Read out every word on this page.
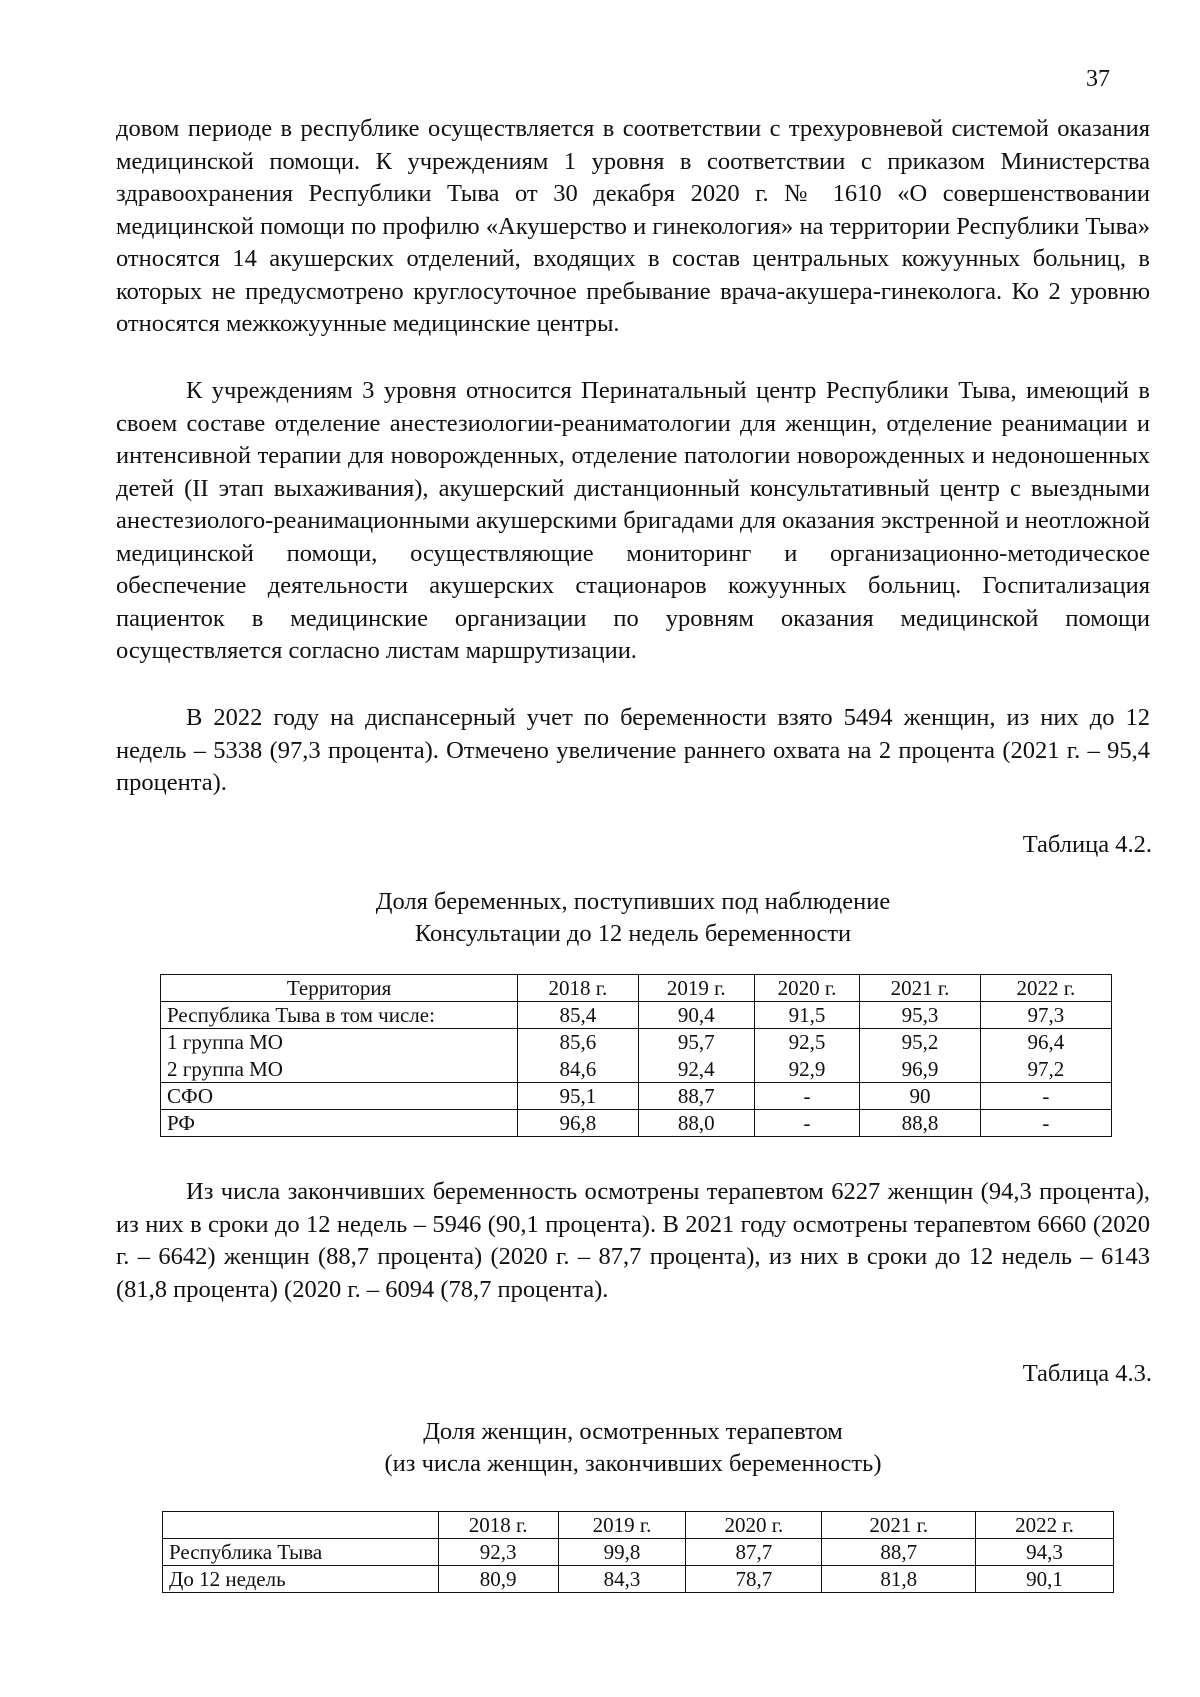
37

довом периоде в республике осуществляется в соответствии с трехуровневой системой оказания медицинской помощи. К учреждениям 1 уровня в соответствии с приказом Министерства здравоохранения Республики Тыва от 30 декабря 2020 г. № 1610 «О совершенствовании медицинской помощи по профилю «Акушерство и гинекология» на территории Республики Тыва» относятся 14 акушерских отделений, входящих в состав центральных кожуунных больниц, в которых не предусмотрено круглосуточное пребывание врача-акушера-гинеколога. Ко 2 уровню относятся межкожуунные медицинские центры.

К учреждениям 3 уровня относится Перинатальный центр Республики Тыва, имеющий в своем составе отделение анестезиологии-реаниматологии для женщин, отделение реанимации и интенсивной терапии для новорожденных, отделение патологии новорожденных и недоношенных детей (II этап выхаживания), акушерский дистанционный консультативный центр с выездными анестезиолого-реанимационными акушерскими бригадами для оказания экстренной и неотложной медицинской помощи, осуществляющие мониторинг и организационно-методическое обеспечение деятельности акушерских стационаров кожуунных больниц. Госпитализация пациенток в медицинские организации по уровням оказания медицинской помощи осуществляется согласно листам маршрутизации.

В 2022 году на диспансерный учет по беременности взято 5494 женщин, из них до 12 недель – 5338 (97,3 процента). Отмечено увеличение раннего охвата на 2 процента (2021 г. – 95,4 процента).

Таблица 4.2.
Доля беременных, поступивших под наблюдение
Консультации до 12 недель беременности
Территория	2018 г.	2019 г.	2020 г.	2021 г.	2022 г.
Республика Тыва в том числе:	85,4	90,4	91,5	95,3	97,3
1 группа МО	85,6	95,7	92,5	95,2	96,4
2 группа МО	84,6	92,4	92,9	96,9	97,2
СФО	95,1	88,7	-	90	-
РФ	96,8	88,0	-	88,8	-

Из числа закончивших беременность осмотрены терапевтом 6227 женщин (94,3 процента), из них в сроки до 12 недель – 5946 (90,1 процента). В 2021 году осмотрены терапевтом 6660 (2020 г. – 6642) женщин (88,7 процента) (2020 г. – 87,7 процента), из них в сроки до 12 недель – 6143 (81,8 процента) (2020 г. – 6094 (78,7 процента).

Таблица 4.3.
Доля женщин, осмотренных терапевтом
(из числа женщин, закончивших беременность)
	2018 г.	2019 г.	2020 г.	2021 г.	2022 г.
Республика Тыва	92,3	99,8	87,7	88,7	94,3
До 12 недель	80,9	84,3	78,7	81,8	90,1
